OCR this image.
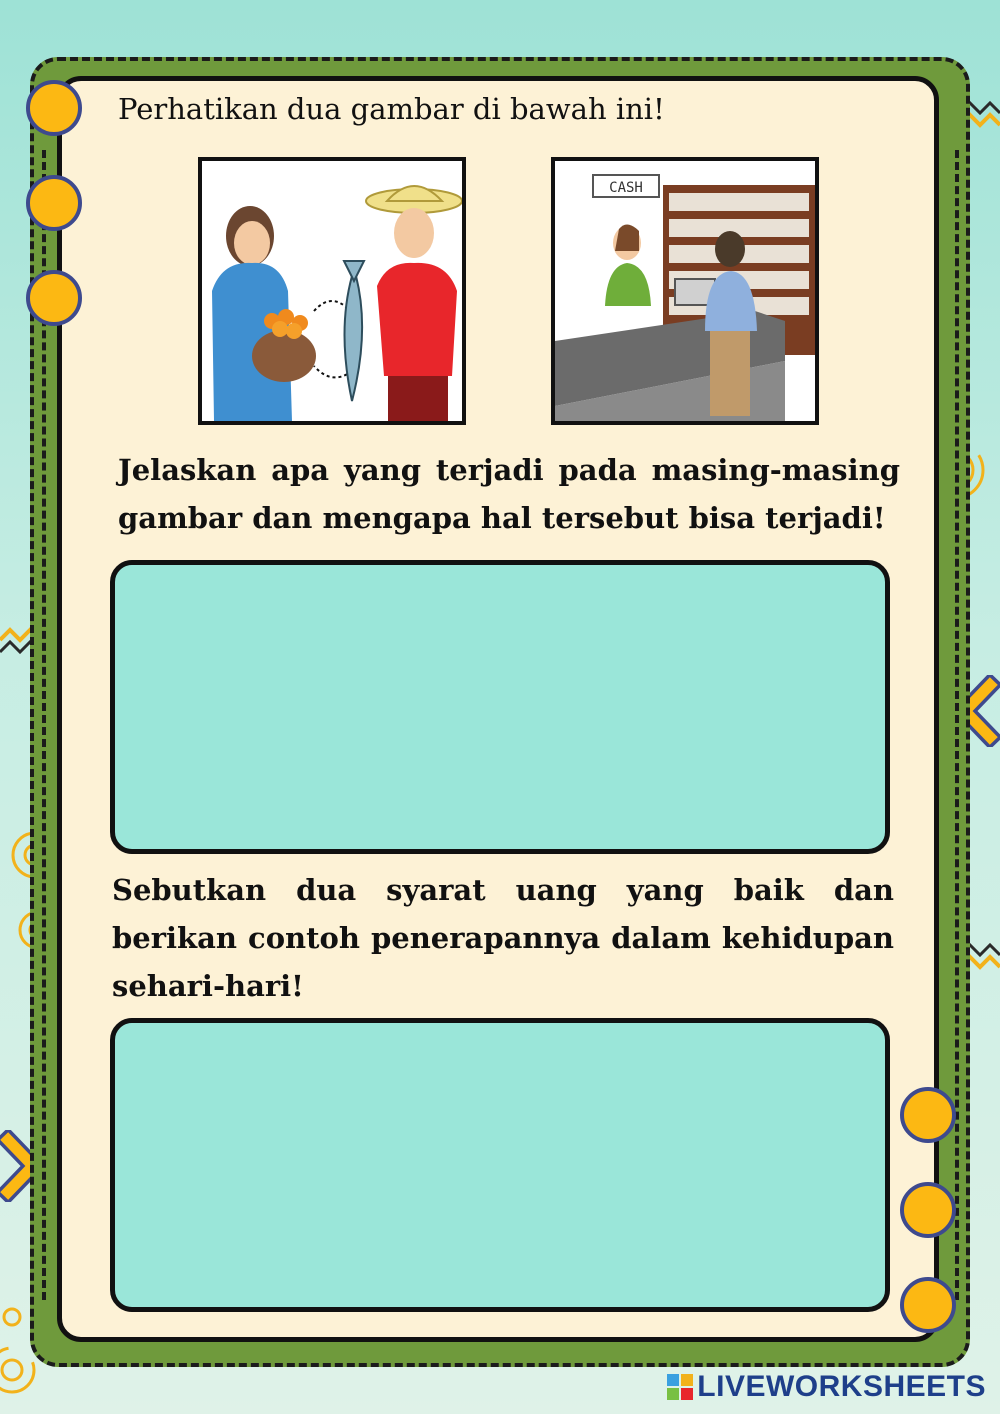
Perhatikan dua gambar di bawah ini!
CASH

Jelaskan apa yang terjadi pada masing-masing gambar dan mengapa hal tersebut bisa terjadi!

Sebutkan dua syarat uang yang baik dan berikan contoh penerapannya dalam kehidupan sehari-hari!

LIVEWORKSHEETS
